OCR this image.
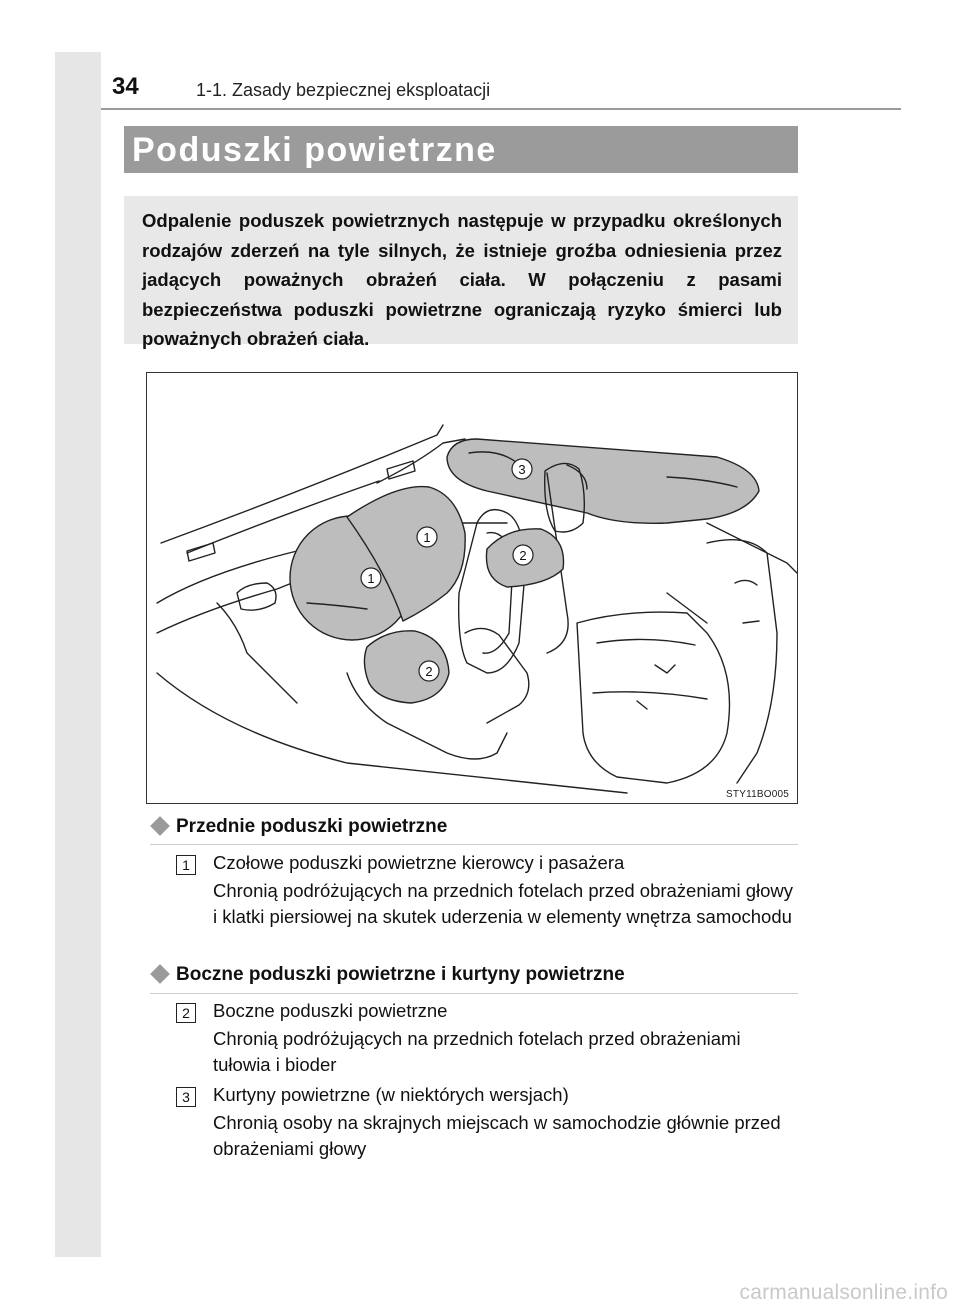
34	1-1. Zasady bezpiecznej eksploatacji
Poduszki powietrzne
Odpalenie poduszek powietrznych następuje w przypadku określonych rodzajów zderzeń na tyle silnych, że istnieje groźba odniesienia przez jadących poważnych obrażeń ciała. W połączeniu z pasami bezpieczeństwa poduszki powietrzne ograniczają ryzyko śmierci lub poważnych obrażeń ciała.
1
1
2
2
3
STY11BO005
Przednie poduszki powietrzne
1	Czołowe poduszki powietrzne kierowcy i pasażera
Chronią podróżujących na przednich fotelach przed obrażeniami głowy i klatki piersiowej na skutek uderzenia w elementy wnętrza samochodu
Boczne poduszki powietrzne i kurtyny powietrzne
2	Boczne poduszki powietrzne
Chronią podróżujących na przednich fotelach przed obrażeniami tułowia i bioder
3	Kurtyny powietrzne (w niektórych wersjach)
Chronią osoby na skrajnych miejscach w samochodzie głównie przed obrażeniami głowy
carmanualsonline.info
